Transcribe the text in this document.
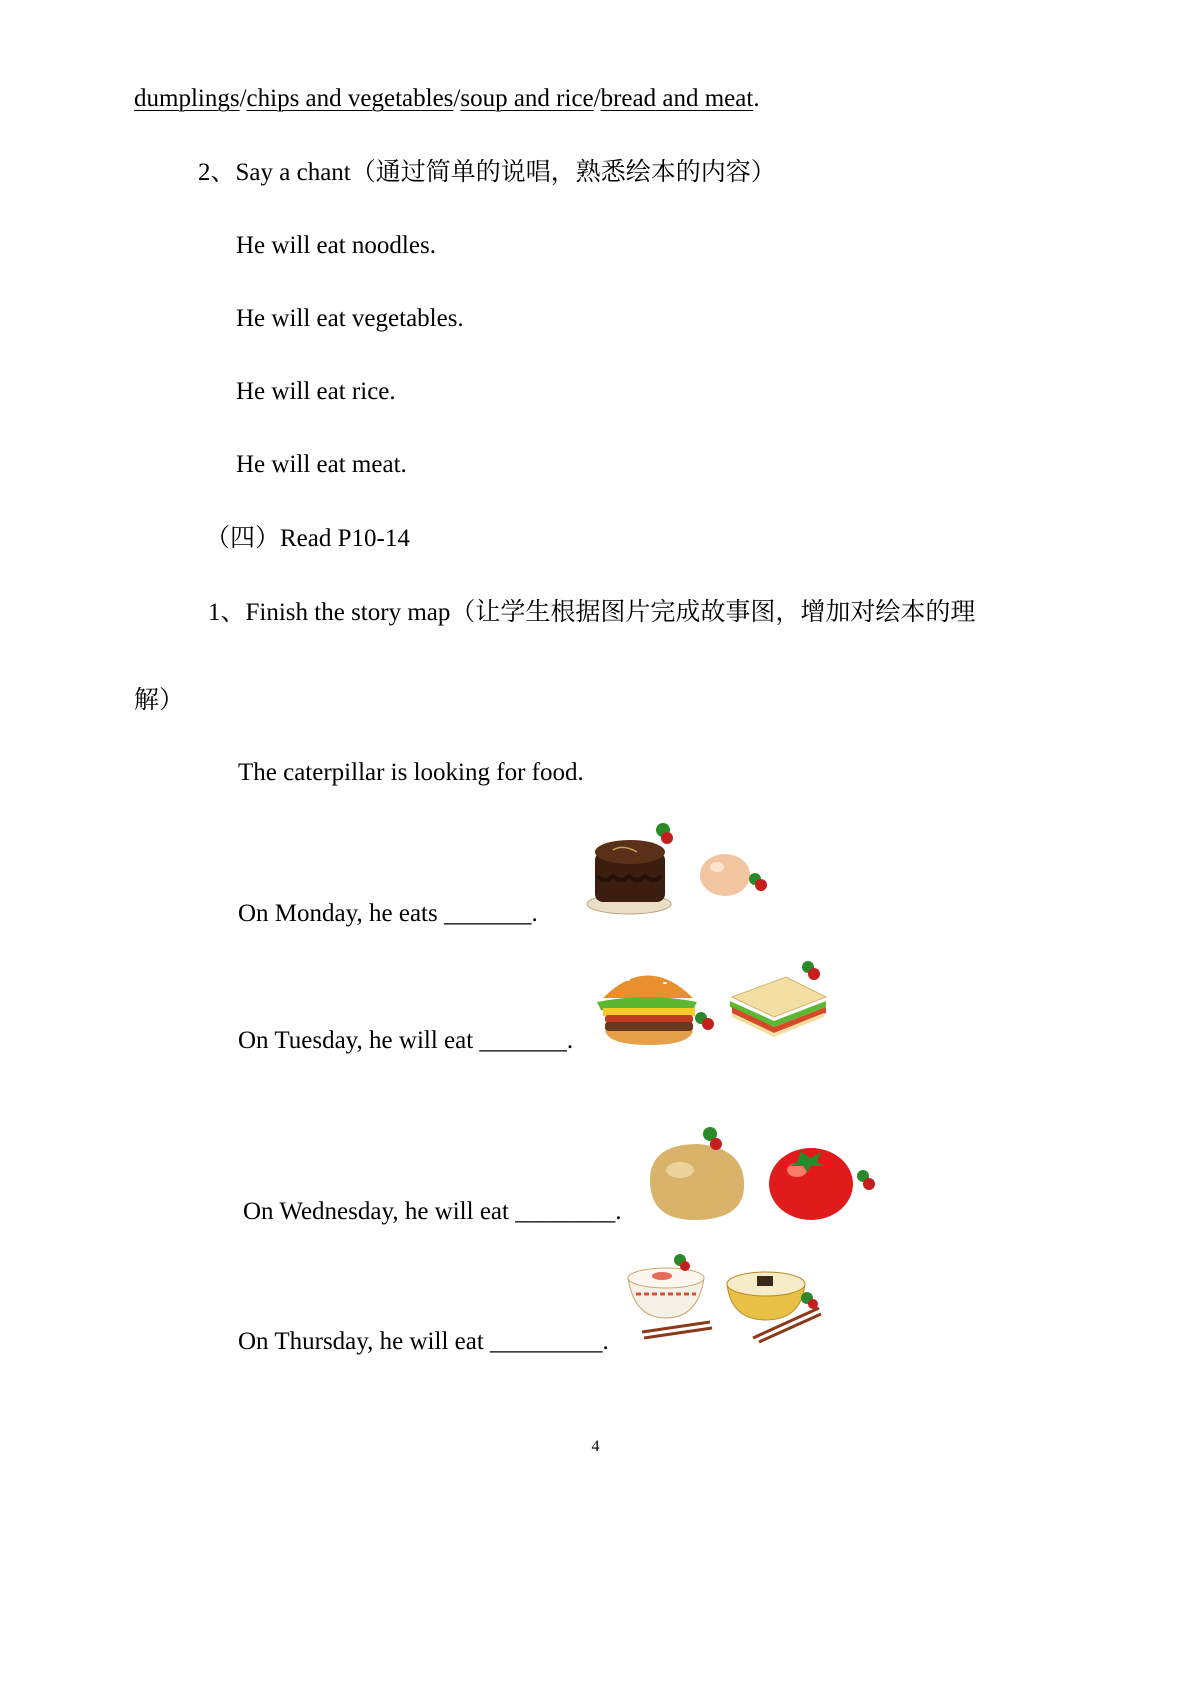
dumplings/chips and vegetables/soup and rice/bread and meat.
2、Say a chant（通过简单的说唱，熟悉绘本的内容）
He will eat noodles.
He will eat vegetables.
He will eat rice.
He will eat meat.
（四）Read P10-14
1、Finish the story map（让学生根据图片完成故事图，增加对绘本的理
解）
The caterpillar is looking for food.
On Monday, he eats _______.
On Tuesday, he will eat _______.
On Wednesday, he will eat ________.
On Thursday, he will eat _________.
4
